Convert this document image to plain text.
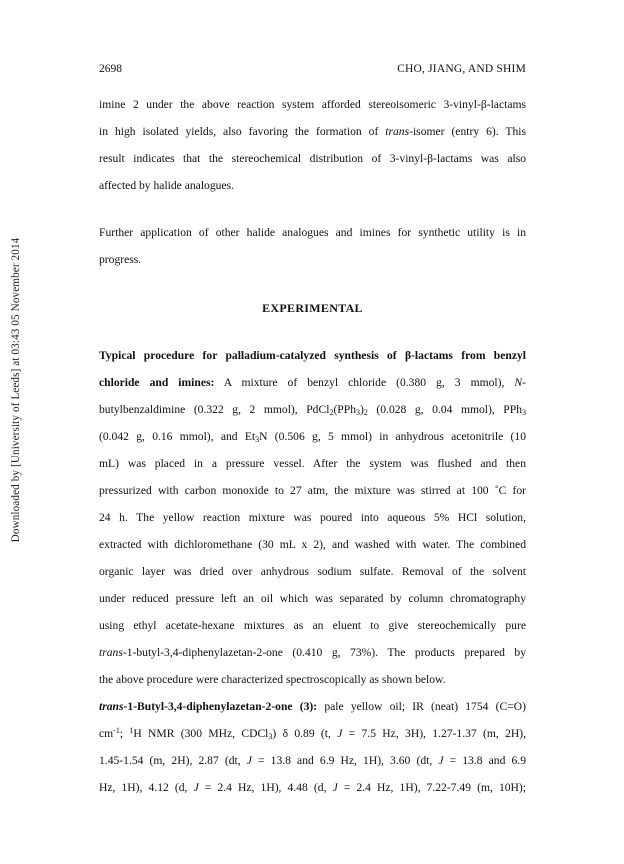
Downloaded by [University of Leeds] at 03:43 05 November 2014
2698	CHO, JIANG, AND SHIM
imine 2 under the above reaction system afforded stereoisomeric 3-vinyl-β-lactams
in high isolated yields, also favoring the formation of trans-isomer (entry 6). This
result indicates that the stereochemical distribution of 3-vinyl-β-lactams was also
affected by halide analogues.
Further application of other halide analogues and imines for synthetic utility is in
progress.
EXPERIMENTAL
Typical procedure for palladium-catalyzed synthesis of β-lactams from benzyl
chloride and imines: A mixture of benzyl chloride (0.380 g, 3 mmol), N-
butylbenzaldimine (0.322 g, 2 mmol), $PdCl_2(PPh_3)_2$ (0.028 g, 0.04 mmol), PPh$_3$
(0.042 g, 0.16 mmol), and $Et_3N$ (0.506 g, 5 mmol) in anhydrous acetonitrile (10
mL) was placed in a pressure vessel. After the system was flushed and then
pressurized with carbon monoxide to 27 atm, the mixture was stirred at 100 ˚C for
24 h. The yellow reaction mixture was poured into aqueous 5% HCl solution,
extracted with dichloromethane (30 mL x 2), and washed with water. The combined
organic layer was dried over anhydrous sodium sulfate. Removal of the solvent
under reduced pressure left an oil which was separated by column chromatography
using ethyl acetate-hexane mixtures as an eluent to give stereochemically pure
trans-1-butyl-3,4-diphenylazetan-2-one (0.410 g, 73%). The products prepared by
the above procedure were characterized spectroscopically as shown below.
trans-1-Butyl-3,4-diphenylazetan-2-one (3): pale yellow oil; IR (neat) 1754 (C=O)
$cm^{-1}$; $^1$H NMR (300 MHz, CDCl$_3$) δ 0.89 (t, J = 7.5 Hz, 3H), 1.27-1.37 (m, 2H),
1.45-1.54 (m, 2H), 2.87 (dt, J = 13.8 and 6.9 Hz, 1H), 3.60 (dt, J = 13.8 and 6.9
Hz, 1H), 4.12 (d, J = 2.4 Hz, 1H), 4.48 (d, J = 2.4 Hz, 1H), 7.22-7.49 (m, 10H);
